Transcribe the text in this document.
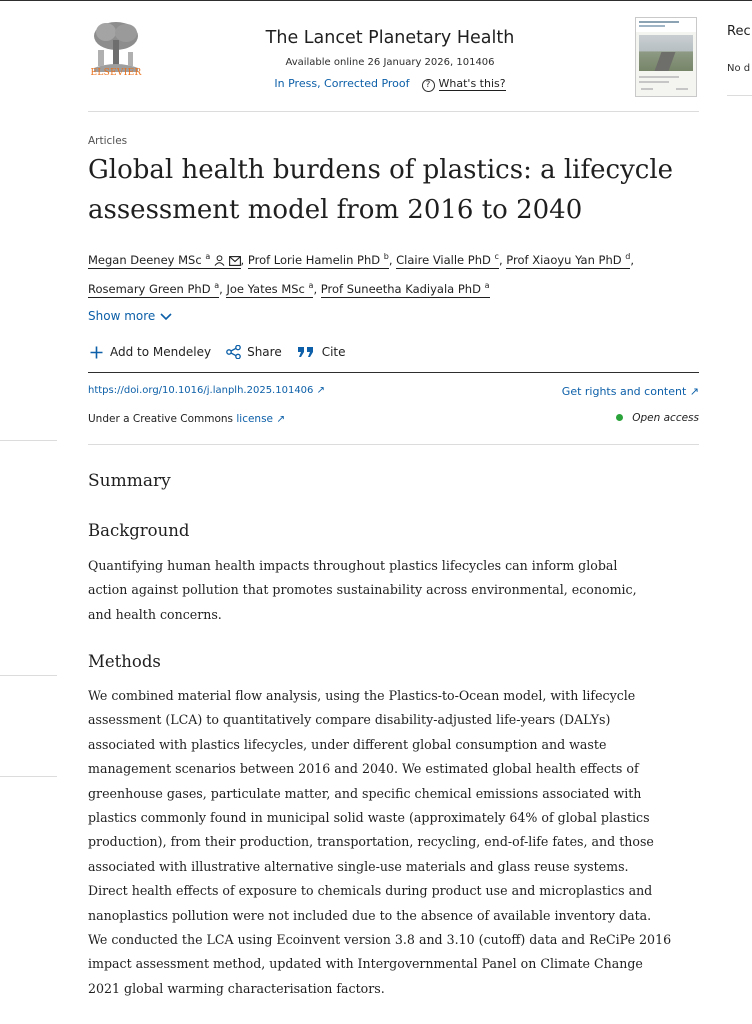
ELSEVIER
The Lancet Planetary Health
Available online 26 January 2026, 101406
In Press, Corrected Proof ? What's this?
Rec
No d
Articles
Global health burdens of plastics: a lifecycle
assessment model from 2016 to 2040
Megan Deeney MSc $^a$	, Prof Lorie Hamelin PhD $^b$, Claire Vialle PhD $^c$, Prof Xiaoyu Yan PhD $^d$,
Rosemary Green PhD $^a$, Joe Yates MSc $^a$, Prof Suneetha Kadiyala PhD $^a$
Show more
Add to Mendeley	Share	Cite
https://doi.org/10.1016/j.lanplh.2025.101406 ↗	Get rights and content ↗
Under a Creative Commons license ↗	Open access
Summary
Background
Quantifying human health impacts throughout plastics lifecycles can inform global
action against pollution that promotes sustainability across environmental, economic,
and health concerns.
Methods
We combined material flow analysis, using the Plastics-to-Ocean model, with lifecycle
assessment (LCA) to quantitatively compare disability-adjusted life-years (DALYs)
associated with plastics lifecycles, under different global consumption and waste
management scenarios between 2016 and 2040. We estimated global health effects of
greenhouse gases, particulate matter, and specific chemical emissions associated with
plastics commonly found in municipal solid waste (approximately 64% of global plastics
production), from their production, transportation, recycling, end-of-life fates, and those
associated with illustrative alternative single-use materials and glass reuse systems.
Direct health effects of exposure to chemicals during product use and microplastics and
nanoplastics pollution were not included due to the absence of available inventory data.
We conducted the LCA using Ecoinvent version 3.8 and 3.10 (cutoff) data and ReCiPe 2016
impact assessment method, updated with Intergovernmental Panel on Climate Change
2021 global warming characterisation factors.
